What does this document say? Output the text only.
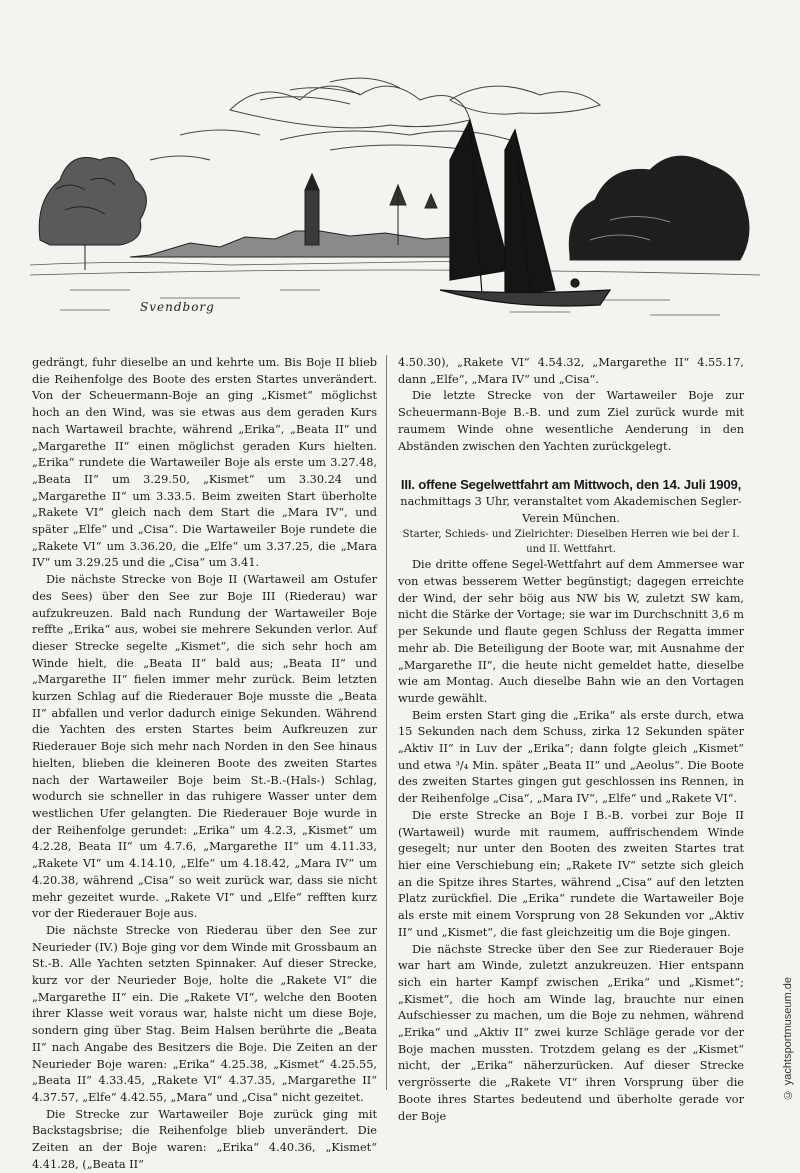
Svendborg

gedrängt, fuhr dieselbe an und kehrte um. Bis Boje II blieb die Reihenfolge des Boote des ersten Startes unverändert. Von der Scheuermann-Boje an ging „Kismet“ möglichst hoch an den Wind, was sie etwas aus dem geraden Kurs nach Wartaweil brachte, während „Erika“, „Beata II“ und „Margarethe II“ einen möglichst geraden Kurs hielten. „Erika“ rundete die Wartaweiler Boje als erste um 3.27.48, „Beata II“ um 3.29.50, „Kismet“ um 3.30.24 und „Margarethe II“ um 3.33.5. Beim zweiten Start überholte „Rakete VI“ gleich nach dem Start die „Mara IV“, und später „Elfe“ und „Cisa“. Die Wartaweiler Boje rundete die „Rakete VI“ um 3.36.20, die „Elfe“ um 3.37.25, die „Mara IV“ um 3.29.25 und die „Cisa“ um 3.41.

Die nächste Strecke von Boje II (Wartaweil am Ostufer des Sees) über den See zur Boje III (Riederau) war aufzukreuzen. Bald nach Rundung der Wartaweiler Boje reffte „Erika“ aus, wobei sie mehrere Sekunden verlor. Auf dieser Strecke segelte „Kismet“, die sich sehr hoch am Winde hielt, die „Beata II“ bald aus; „Beata II“ und „Margarethe II“ fielen immer mehr zurück. Beim letzten kurzen Schlag auf die Riederauer Boje musste die „Beata II“ abfallen und verlor dadurch einige Sekunden. Während die Yachten des ersten Startes beim Aufkreuzen zur Riederauer Boje sich mehr nach Norden in den See hinaus hielten, blieben die kleineren Boote des zweiten Startes nach der Wartaweiler Boje beim St.-B.-(Hals-) Schlag, wodurch sie schneller in das ruhigere Wasser unter dem westlichen Ufer gelangten. Die Riederauer Boje wurde in der Reihenfolge gerundet: „Erika“ um 4.2.3, „Kismet“ um 4.2.28, Beata II“ um 4.7.6, „Margarethe II“ um 4.11.33, „Rakete VI“ um 4.14.10, „Elfe“ um 4.18.42, „Mara IV“ um 4.20.38, während „Cisa“ so weit zurück war, dass sie nicht mehr gezeitet wurde. „Rakete VI“ und „Elfe“ refften kurz vor der Riederauer Boje aus.

Die nächste Strecke von Riederau über den See zur Neurieder (IV.) Boje ging vor dem Winde mit Grossbaum an St.-B. Alle Yachten setzten Spinnaker. Auf dieser Strecke, kurz vor der Neurieder Boje, holte die „Rakete VI“ die „Margarethe II“ ein. Die „Rakete VI“, welche den Booten ihrer Klasse weit voraus war, halste nicht um diese Boje, sondern ging über Stag. Beim Halsen berührte die „Beata II“ nach Angabe des Besitzers die Boje. Die Zeiten an der Neurieder Boje waren: „Erika“ 4.25.38, „Kismet“ 4.25.55, „Beata II“ 4.33.45, „Rakete VI“ 4.37.35, „Margarethe II“ 4.37.57, „Elfe“ 4.42.55, „Mara“ und „Cisa“ nicht gezeitet.

Die Strecke zur Wartaweiler Boje zurück ging mit Backstagsbrise; die Reihenfolge blieb unverändert. Die Zeiten an der Boje waren: „Erika“ 4.40.36, „Kismet“ 4.41.28, („Beata II“

4.50.30), „Rakete VI“ 4.54.32, „Margarethe II“ 4.55.17, dann „Elfe“, „Mara IV“ und „Cisa“.

Die letzte Strecke von der Wartaweiler Boje zur Scheuermann-Boje B.-B. und zum Ziel zurück wurde mit raumem Winde ohne wesentliche Aenderung in den Abständen zwischen den Yachten zurückgelegt.

III. offene Segelwettfahrt am Mittwoch, den 14. Juli 1909,

nachmittags 3 Uhr, veranstaltet vom Akademischen Segler-Verein München.

Starter, Schieds- und Zielrichter: Dieselben Herren wie bei der I. und II. Wettfahrt.

Die dritte offene Segel-Wettfahrt auf dem Ammersee war von etwas besserem Wetter begünstigt; dagegen erreichte der Wind, der sehr böig aus NW bis W, zuletzt SW kam, nicht die Stärke der Vortage; sie war im Durchschnitt 3,6 m per Sekunde und flaute gegen Schluss der Regatta immer mehr ab. Die Beteiligung der Boote war, mit Ausnahme der „Margarethe II“, die heute nicht gemeldet hatte, dieselbe wie am Montag. Auch dieselbe Bahn wie an den Vortagen wurde gewählt.

Beim ersten Start ging die „Erika“ als erste durch, etwa 15 Sekunden nach dem Schuss, zirka 12 Sekunden später „Aktiv II“ in Luv der „Erika“; dann folgte gleich „Kismet“ und etwa ³/₄ Min. später „Beata II“ und „Aeolus“. Die Boote des zweiten Startes gingen gut geschlossen ins Rennen, in der Reihenfolge „Cisa“, „Mara IV“, „Elfe“ und „Rakete VI“.

Die erste Strecke an Boje I B.-B. vorbei zur Boje II (Wartaweil) wurde mit raumem, auffrischendem Winde gesegelt; nur unter den Booten des zweiten Startes trat hier eine Verschiebung ein; „Rakete IV“ setzte sich gleich an die Spitze ihres Startes, während „Cisa“ auf den letzten Platz zurückfiel. Die „Erika“ rundete die Wartaweiler Boje als erste mit einem Vorsprung von 28 Sekunden vor „Aktiv II“ und „Kismet“, die fast gleichzeitig um die Boje gingen.

Die nächste Strecke über den See zur Riederauer Boje war hart am Winde, zuletzt anzukreuzen. Hier entspann sich ein harter Kampf zwischen „Erika“ und „Kismet“; „Kismet“, die hoch am Winde lag, brauchte nur einen Aufschiesser zu machen, um die Boje zu nehmen, während „Erika“ und „Aktiv II“ zwei kurze Schläge gerade vor der Boje machen mussten. Trotzdem gelang es der „Kismet“ nicht, der „Erika“ näherzurücken. Auf dieser Strecke vergrösserte die „Rakete VI“ ihren Vorsprung über die Boote ihres Startes bedeutend und überholte gerade vor der Boje

© yachtsportmuseum.de
